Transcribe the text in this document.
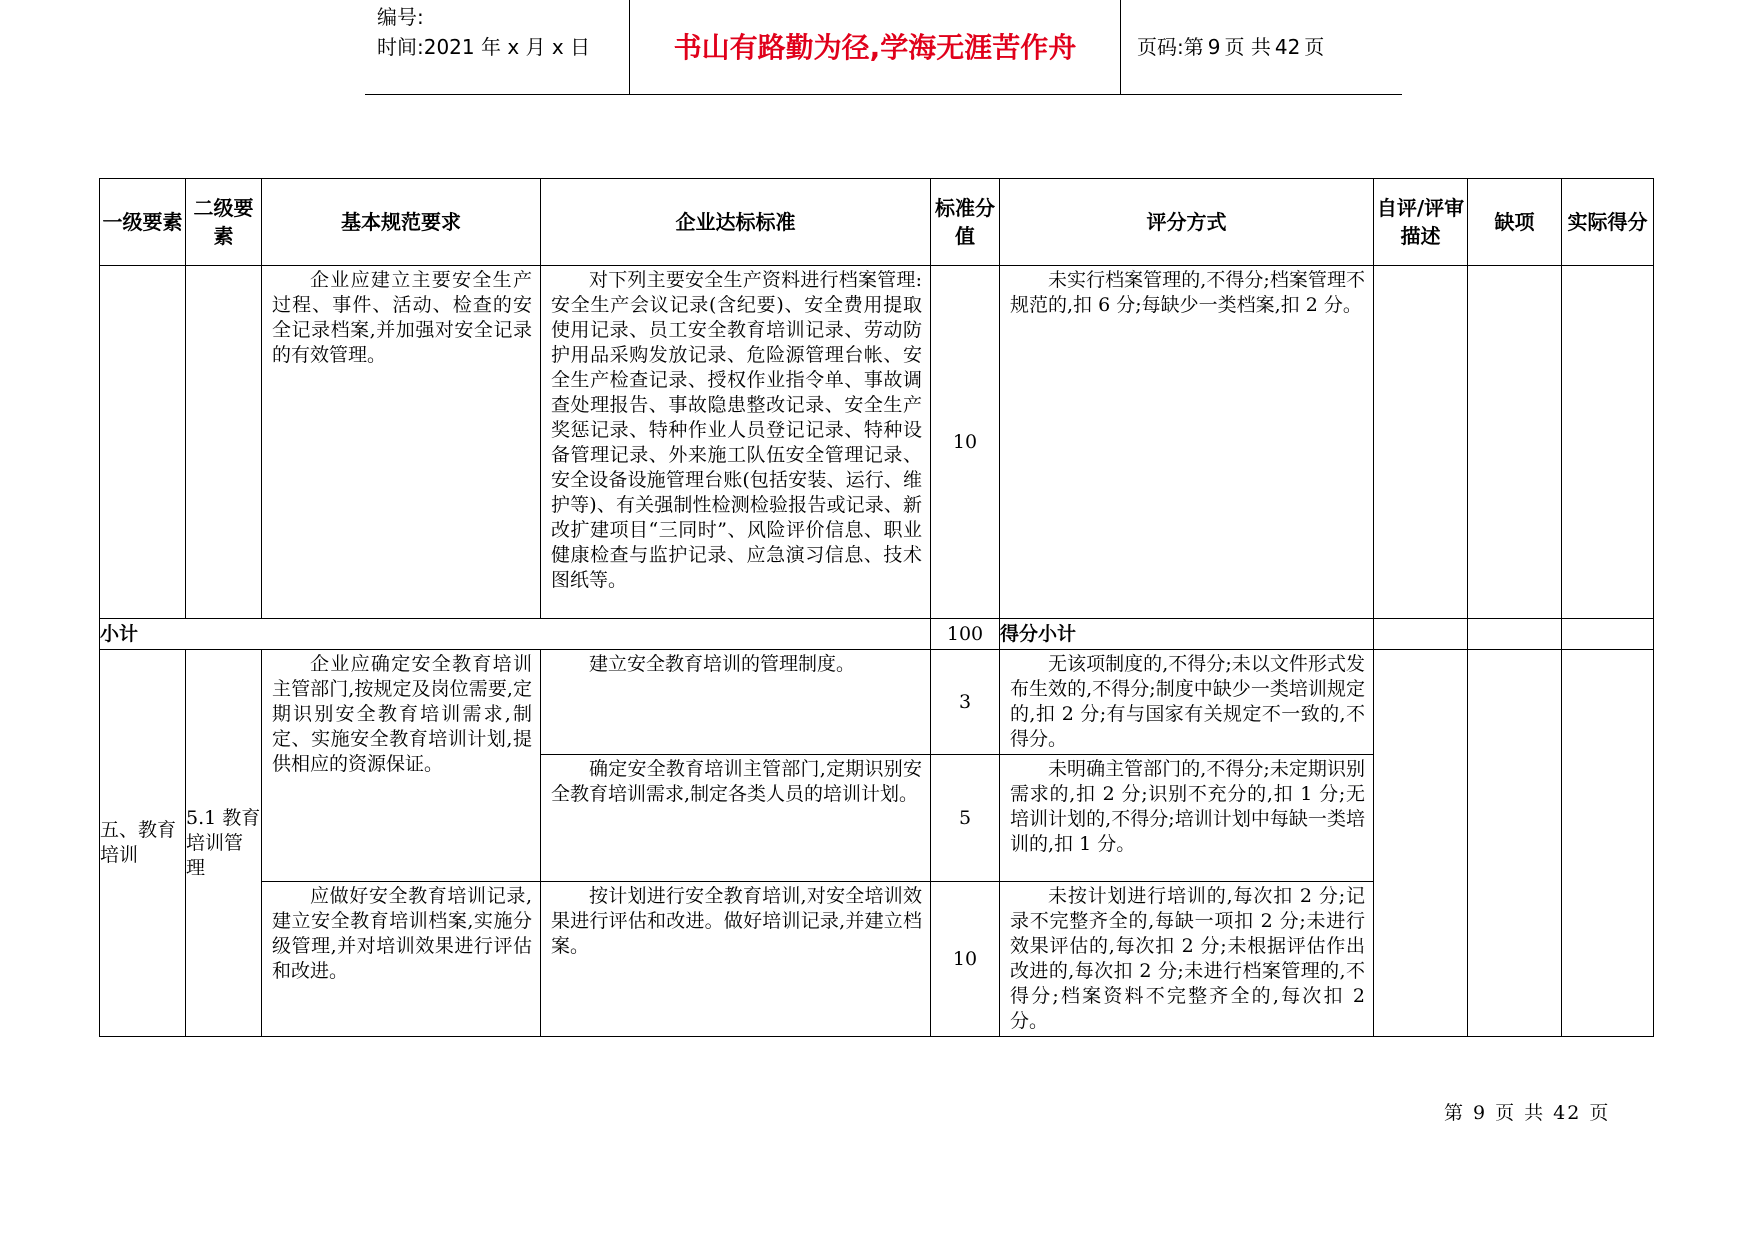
编号:
时间:2021 年 x 月 x 日	书山有路勤为径,学海无涯苦作舟	页码:第 9 页 共 42 页
一级要素	二级要素	基本规范要求	企业达标标准	标准分值	评分方式	自评/评审描述	缺项	实际得分

		企业应建立主要安全生产过程、事件、活动、检查的安全记录档案,并加强对安全记录的有效管理。	对下列主要安全生产资料进行档案管理:安全生产会议记录(含纪要)、安全费用提取使用记录、员工安全教育培训记录、劳动防护用品采购发放记录、危险源管理台帐、安全生产检查记录、授权作业指令单、事故调查处理报告、事故隐患整改记录、安全生产奖惩记录、特种作业人员登记记录、特种设备管理记录、外来施工队伍安全管理记录、安全设备设施管理台账(包括安装、运行、维护等)、有关强制性检测检验报告或记录、新改扩建项目“三同时”、风险评价信息、职业健康检查与监护记录、应急演习信息、技术图纸等。	10	未实行档案管理的,不得分;档案管理不规范的,扣 6 分;每缺少一类档案,扣 2 分。			

小计				100	得分小计			
五、教育培训	5.1 教育培训管理	企业应确定安全教育培训主管部门,按规定及岗位需要,定期识别安全教育培训需求,制定、实施安全教育培训计划,提供相应的资源保证。	建立安全教育培训的管理制度。	3	无该项制度的,不得分;未以文件形式发布生效的,不得分;制度中缺少一类培训规定的,扣 2 分;有与国家有关规定不一致的,不得分。			

			确定安全教育培训主管部门,定期识别安全教育培训需求,制定各类人员的培训计划。	5	未明确主管部门的,不得分;未定期识别需求的,扣 2 分;识别不充分的,扣 1 分;无培训计划的,不得分;培训计划中每缺一类培训的,扣 1 分。			

		应做好安全教育培训记录,建立安全教育培训档案,实施分级管理,并对培训效果进行评估和改进。	按计划进行安全教育培训,对安全培训效果进行评估和改进。做好培训记录,并建立档案。	10	未按计划进行培训的,每次扣 2 分;记录不完整齐全的,每缺一项扣 2 分;未进行效果评估的,每次扣 2 分;未根据评估作出改进的,每次扣 2 分;未进行档案管理的,不得分;档案资料不完整齐全的,每次扣 2 分。			
第 9 页 共 42 页
